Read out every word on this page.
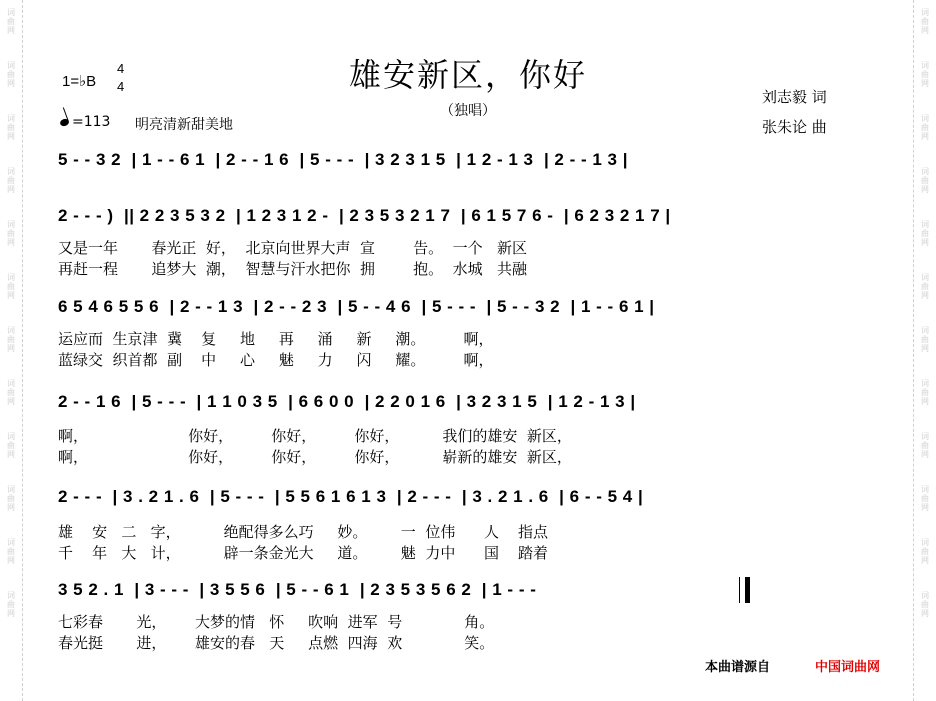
词
曲
网
词
曲
网
词
曲
网
词
曲
网
词
曲
网
词
曲
网
词
曲
网
词
曲
网
词
曲
网
词
曲
网
词
曲
网
词
曲
网
词
曲
网
词
曲
网
词
曲
网
词
曲
网
词
曲
网
词
曲
网
词
曲
网
词
曲
网
词
曲
网
词
曲
网
词
曲
网
词
曲
网
雄安新区，你好
（独唱）
1=♭B
4
4
=113 明亮清新甜美地
刘志毅 词
张朱论 曲
5 - - 3 2  | 1 - - 6 1  | 2 - - 1 6  | 5 - - -  | 3 2 3 1 5  | 1 2 - 1 3  | 2 - - 1 3 |
2 - - - )  || 2 2 3 5 3 2  | 1 2 3 1 2 -  | 2 3 5 3 2 1 7  | 6 1 5 7 6 -  | 6 2 3 2 1 7 |
又是一年       春光正  好，  北京向世界大声  宣        告。  一个   新区
再赶一程       追梦大  潮，  智慧与汗水把你  拥        抱。  水城   共融
6 5 4 6 5 5 6  | 2 - - 1 3  | 2 - - 2 3  | 5 - - 4 6  | 5 - - -  | 5 - - 3 2  | 1 - - 6 1 |
运应而  生京津  冀    复     地     再     涌     新     潮。        啊，
蓝绿交  织首都  副    中     心     魅     力     闪     耀。        啊，
2 - - 1 6  | 5 - - -  | 1 1 0 3 5  | 6 6 0 0  | 2 2 0 1 6  | 3 2 3 1 5  | 1 2 - 1 3 |
啊，                     你好，        你好，        你好，         我们的雄安  新区，
啊，                     你好，        你好，        你好，         崭新的雄安  新区，
2 - - -  | 3 . 2 1 . 6  | 5 - - -  | 5 5 6 1 6 1 3  | 2 - - -  | 3 . 2 1 . 6  | 6 - - 5 4 |
雄    安   二   字，         绝配得多么巧     妙。       一  位伟      人    指点
千    年   大   计，         辟一条金光大     道。       魅  力中      国    踏着
3 5 2 . 1  | 3 - - -  | 3 5 5 6  | 5 - - 6 1  | 2 3 5 3 5 6 2  | 1 - - -
七彩春       光，      大梦的情   怀     吹响  进军  号             角。
春光挺       进，      雄安的春   天     点燃  四海  欢             笑。
本曲谱源自	中国词曲网
